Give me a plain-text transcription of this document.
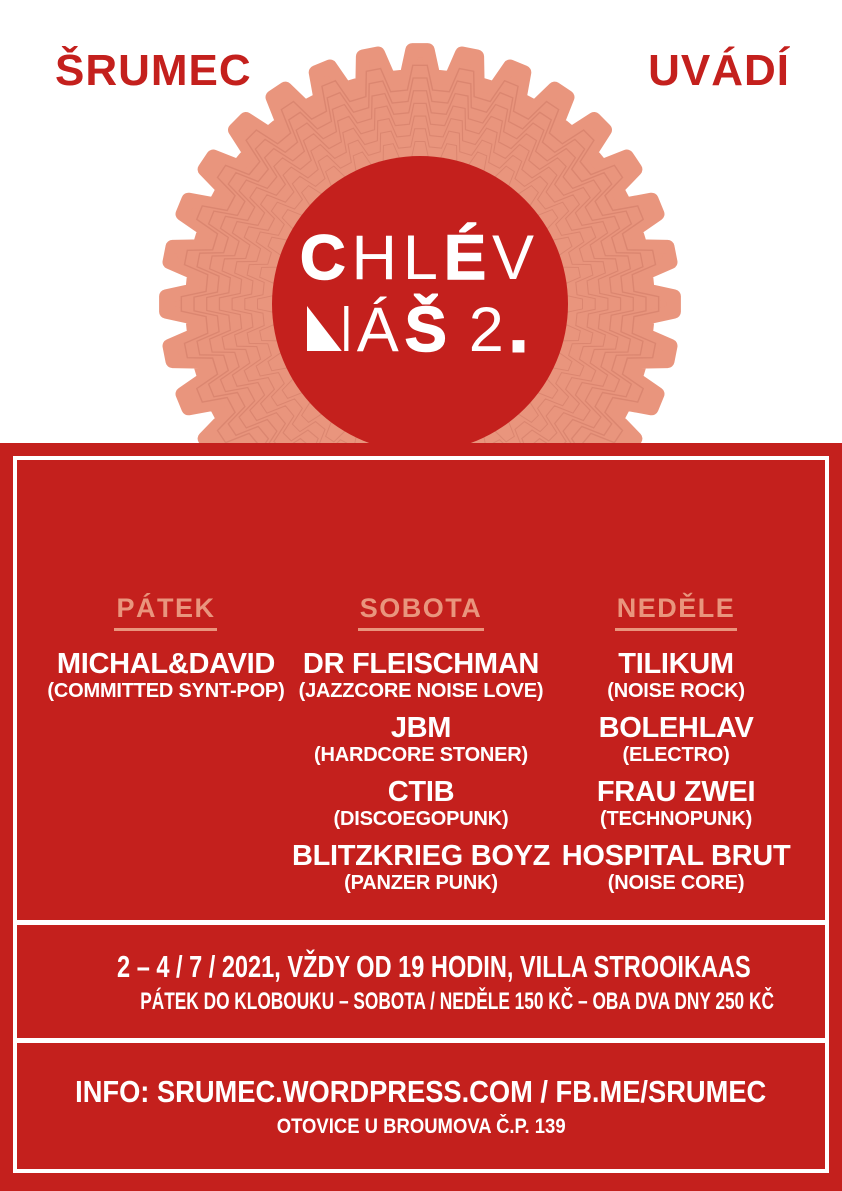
ŠRUMEC	UVÁDÍ
CHLÉV
ÁŠ 2.
PÁTEK
MICHAL&DAVID
(COMMITTED SYNT-POP)
SOBOTA
DR FLEISCHMAN
(JAZZCORE NOISE LOVE)
JBM
(HARDCORE STONER)
CTIB
(DISCOEGOPUNK)
BLITZKRIEG BOYZ
(PANZER PUNK)
NEDĚLE
TILIKUM
(NOISE ROCK)
BOLEHLAV
(ELECTRO)
FRAU ZWEI
(TECHNOPUNK)
HOSPITAL BRUT
(NOISE CORE)
2 – 4 / 7 / 2021, VŽDY OD 19 HODIN, VILLA STROOIKAAS
PÁTEK DO KLOBOUKU – SOBOTA / NEDĚLE 150 KČ – OBA DVA DNY 250 KČ
INFO: SRUMEC.WORDPRESS.COM / FB.ME/SRUMEC
OTOVICE U BROUMOVA Č.P. 139
